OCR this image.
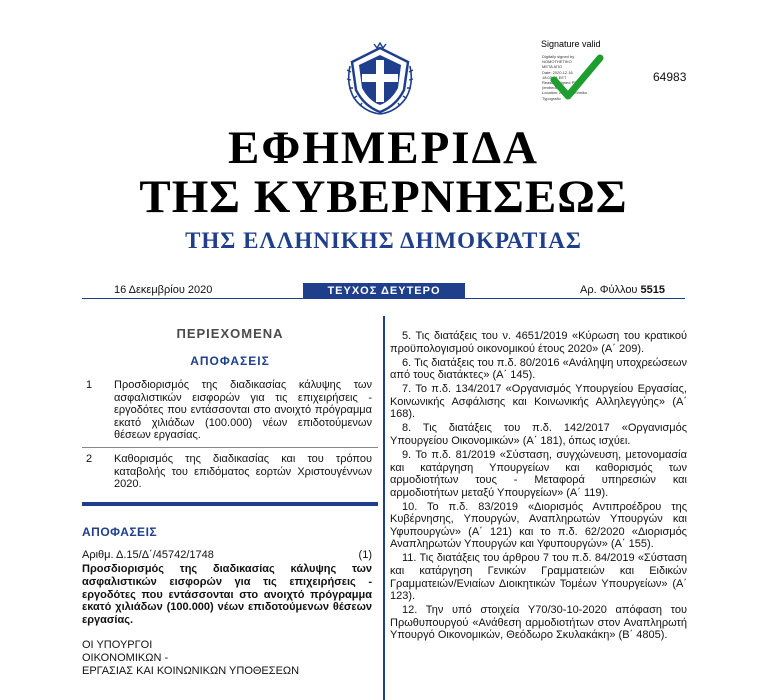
Signature valid
Digitally signed by
NOMOTHETIKO
ΜΕΤΑ ΑΠΟ
Date: 2020.12.16
18:03:34 EET
Reason: Signed PDF
(embedded)
Location: Athens, Ethniko
Typografio
64983
ΕΦΗΜΕΡΙΔΑ
ΤΗΣ ΚΥΒΕΡΝΗΣΕΩΣ
ΤΗΣ ΕΛΛΗΝΙΚΗΣ ΔΗΜΟΚΡΑΤΙΑΣ
16 Δεκεμβρίου 2020	ΤΕΥΧΟΣ ΔΕΥΤΕΡΟ	Αρ. Φύλλου 5515
ΠΕΡΙΕΧΟΜΕΝΑ
ΑΠΟΦΑΣΕΙΣ
1	Προσδιορισμός της διαδικασίας κάλυψης των ασφαλιστικών εισφορών για τις επιχειρήσεις - εργοδότες που εντάσσονται στο ανοιχτό πρόγραμμα εκατό χιλιάδων (100.000) νέων επιδοτούμενων θέσεων εργασίας.
2	Καθορισμός της διαδικασίας και του τρόπου καταβολής του επιδόματος εορτών Χριστουγέννων 2020.
ΑΠΟΦΑΣΕΙΣ
Αριθμ. Δ.15/Δ΄/45742/1748	(1)
Προσδιορισμός της διαδικασίας κάλυψης των ασφαλιστικών εισφορών για τις επιχειρήσεις - εργοδότες που εντάσσονται στο ανοιχτό πρόγραμμα εκατό χιλιάδων (100.000) νέων επιδοτούμενων θέσεων εργασίας.
ΟΙ ΥΠΟΥΡΓΟΙ
ΟΙΚΟΝΟΜΙΚΩΝ -
ΕΡΓΑΣΙΑΣ ΚΑΙ ΚΟΙΝΩΝΙΚΩΝ ΥΠΟΘΕΣΕΩΝ

5. Τις διατάξεις του ν. 4651/2019 «Κύρωση του κρατικού προϋπολογισμού οικονομικού έτους 2020» (Α΄ 209).

6. Τις διατάξεις του π.δ. 80/2016 «Ανάληψη υποχρεώσεων από τους διατάκτες» (Α΄ 145).

7. Το π.δ. 134/2017 «Οργανισμός Υπουργείου Εργασίας, Κοινωνικής Ασφάλισης και Κοινωνικής Αλληλεγγύης» (Α΄ 168).

8. Τις διατάξεις του π.δ. 142/2017 «Οργανισμός Υπουργείου Οικονομικών» (Α΄ 181), όπως ισχύει.

9. Το π.δ. 81/2019 «Σύσταση, συγχώνευση, μετονομασία και κατάργηση Υπουργείων και καθορισμός των αρμοδιοτήτων τους - Μεταφορά υπηρεσιών και αρμοδιοτήτων μεταξύ Υπουργείων» (Α΄ 119).

10. Το π.δ. 83/2019 «Διορισμός Αντιπροέδρου της Κυβέρνησης, Υπουργών, Αναπληρωτών Υπουργών και Υφυπουργών» (Α΄ 121) και το π.δ. 62/2020 «Διορισμός Αναπληρωτών Υπουργών και Υφυπουργών» (Α΄ 155).

11. Τις διατάξεις του άρθρου 7 του π.δ. 84/2019 «Σύσταση και κατάργηση Γενικών Γραμματειών και Ειδικών Γραμματειών/Ενιαίων Διοικητικών Τομέων Υπουργείων» (Α΄ 123).

12. Την υπό στοιχεία Υ70/30-10-2020 απόφαση του Πρωθυπουργού «Ανάθεση αρμοδιοτήτων στον Αναπληρωτή Υπουργό Οικονομικών, Θεόδωρο Σκυλακάκη» (Β΄ 4805).
